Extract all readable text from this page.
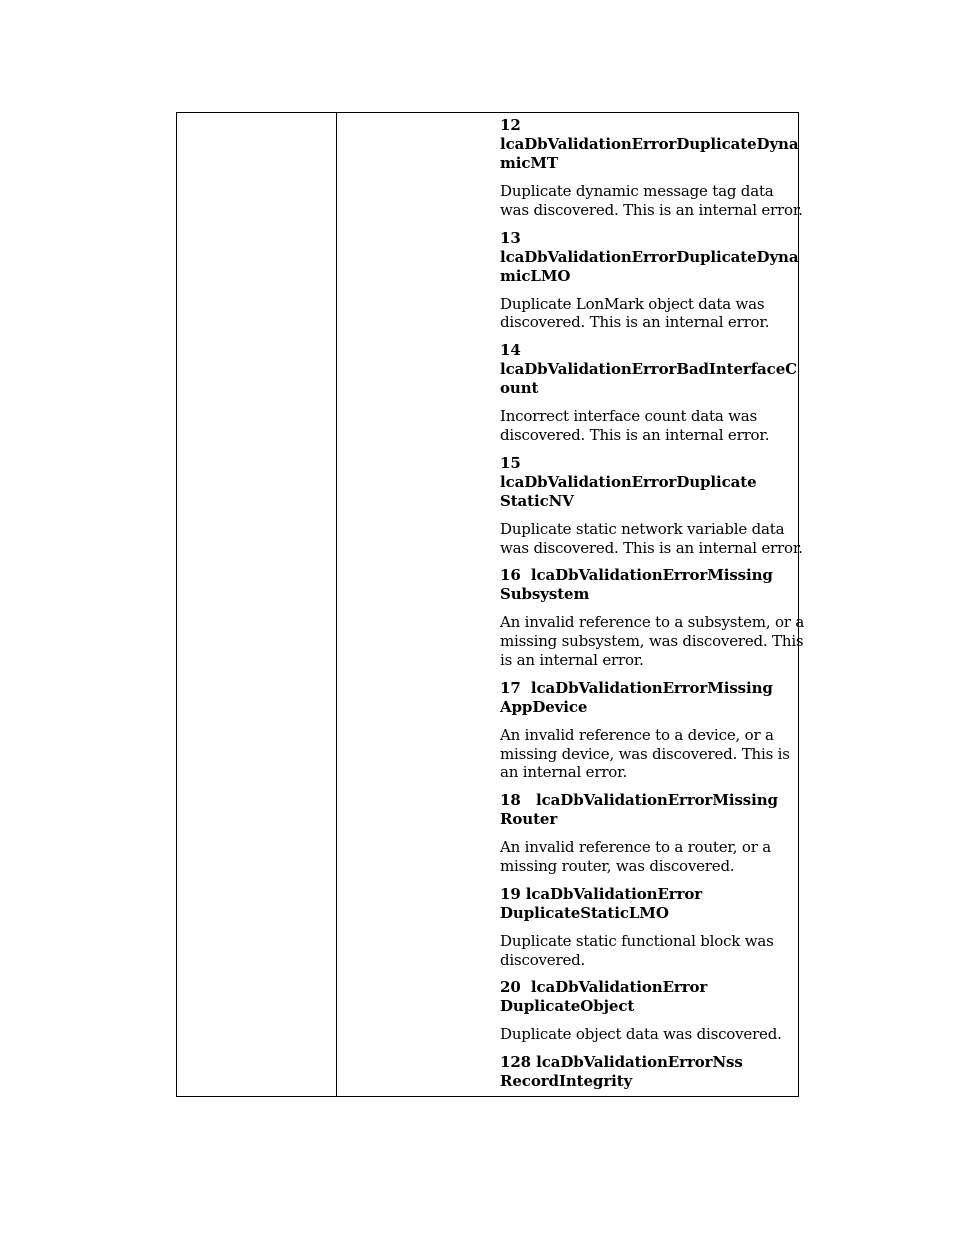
12
lcaDbValidationErrorDuplicateDyna
micMT

Duplicate dynamic message tag data was discovered. This is an internal error.

13
lcaDbValidationErrorDuplicateDyna
micLMO

Duplicate LonMark object data was discovered. This is an internal error.

14
lcaDbValidationErrorBadInterfaceC
ount

Incorrect interface count data was discovered. This is an internal error.

15
lcaDbValidationErrorDuplicate
StaticNV

Duplicate static network variable data was discovered. This is an internal error.

16  lcaDbValidationErrorMissing
Subsystem

An invalid reference to a subsystem, or a missing subsystem, was discovered. This is an internal error.

17  lcaDbValidationErrorMissing
AppDevice

An invalid reference to a device, or a missing device, was discovered. This is an internal error.

18   lcaDbValidationErrorMissing
Router

An invalid reference to a router, or a missing router, was discovered.

19 lcaDbValidationError
DuplicateStaticLMO

Duplicate static functional block was discovered.

20  lcaDbValidationError
DuplicateObject

Duplicate object data was discovered.

128 lcaDbValidationErrorNss
RecordIntegrity
